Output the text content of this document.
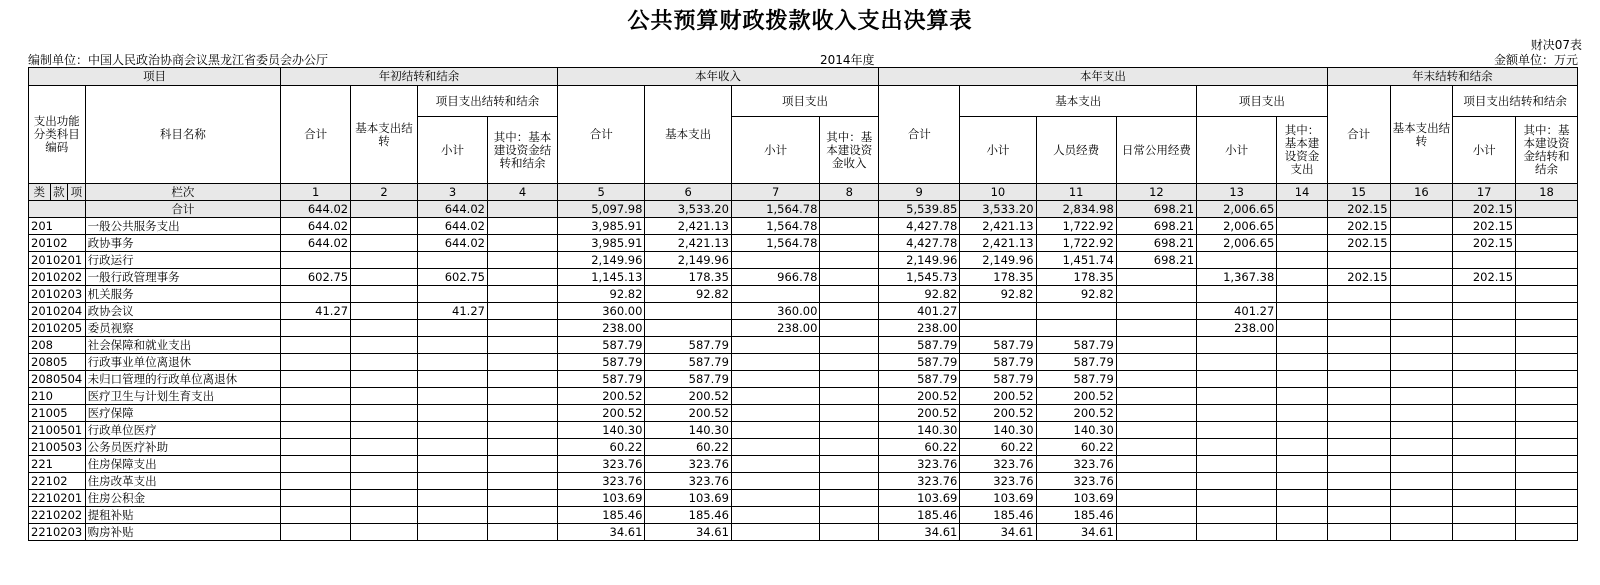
公共预算财政拨款收入支出决算表
财决07表
编制单位：中国人民政治协商会议黑龙江省委员会办公厅	2014年度	金额单位：万元
项目				年初结转和结余				本年收入				本年支出						年末结转和结余			
支出功能分类科目编码			科目名称	合计	基本支出结转	项目支出结转和结余		合计	基本支出	项目支出		合计	基本支出			项目支出		合计	基本支出结转	项目支出结转和结余	
						小计	其中：基本建设资金结转和结余			小计	其中：基本建设资金收入		小计	人员经费	日常公用经费	小计	其中：基本建设资金支出			小计	其中：基本建设资金结转和结余
类	款	项	栏次	1	2	3	4	5	6	7	8	9	10	11	12	13	14	15	16	17	18
			合计	644.02		644.02		5,097.98	3,533.20	1,564.78		5,539.85	3,533.20	2,834.98	698.21	2,006.65		202.15		202.15	
201			一般公共服务支出	644.02		644.02		3,985.91	2,421.13	1,564.78		4,427.78	2,421.13	1,722.92	698.21	2,006.65		202.15		202.15	
20102			政协事务	644.02		644.02		3,985.91	2,421.13	1,564.78		4,427.78	2,421.13	1,722.92	698.21	2,006.65		202.15		202.15	
2010201			行政运行					2,149.96	2,149.96			2,149.96	2,149.96	1,451.74	698.21						
2010202			一般行政管理事务	602.75		602.75		1,145.13	178.35	966.78		1,545.73	178.35	178.35		1,367.38		202.15		202.15	
2010203			机关服务					92.82	92.82			92.82	92.82	92.82							
2010204			政协会议	41.27		41.27		360.00		360.00		401.27				401.27					
2010205			委员视察					238.00		238.00		238.00				238.00					
208			社会保障和就业支出					587.79	587.79			587.79	587.79	587.79							
20805			行政事业单位离退休					587.79	587.79			587.79	587.79	587.79							
2080504			未归口管理的行政单位离退休					587.79	587.79			587.79	587.79	587.79							
210			医疗卫生与计划生育支出					200.52	200.52			200.52	200.52	200.52							
21005			医疗保障					200.52	200.52			200.52	200.52	200.52							
2100501			行政单位医疗					140.30	140.30			140.30	140.30	140.30							
2100503			公务员医疗补助					60.22	60.22			60.22	60.22	60.22							
221			住房保障支出					323.76	323.76			323.76	323.76	323.76							
22102			住房改革支出					323.76	323.76			323.76	323.76	323.76							
2210201			住房公积金					103.69	103.69			103.69	103.69	103.69							
2210202			提租补贴					185.46	185.46			185.46	185.46	185.46							
2210203			购房补贴					34.61	34.61			34.61	34.61	34.61							
